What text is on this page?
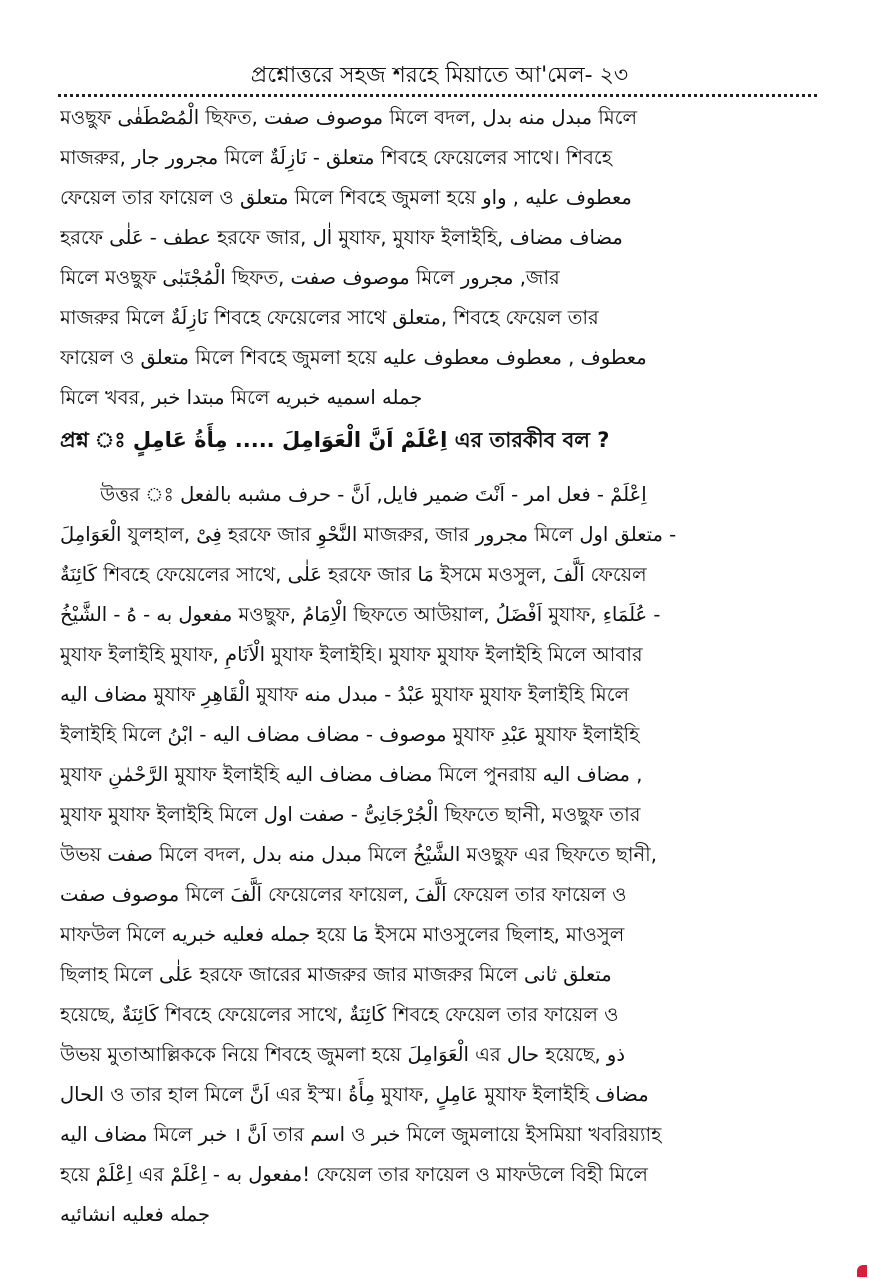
প্রশ্নোত্তরে সহজ শরহে মিয়াতে আ'মেল- ২৩
মওছুফ الْمُصْطَفٰى ছিফত, موصوف صفت মিলে বদল, مبدل منه بدل মিলে
মাজরুর, مجرور جار মিলে متعلق - نَازِلَةٌ শিবহে ফেয়েলের সাথে। শিবহে
ফেয়েল তার ফায়েল ও متعلق মিলে শিবহে জুমলা হয়ে معطوف عليه , واو
হরফে عطف - عَلٰى হরফে জার, اٰل মুযাফ, মুযাফ ইলাইহি, مضاف مضاف
মিলে মওছুফ الْمُجْتَبٰى ছিফত, موصوف صفت মিলে مجرور ,জার
মাজরুর মিলে نَازِلَةٌ শিবহে ফেয়েলের সাথে متعلق, শিবহে ফেয়েল তার
ফায়েল ও متعلق মিলে শিবহে জুমলা হয়ে معطوف , معطوف معطوف عليه
মিলে খবর, مبتدا خبر মিলে جمله اسميه خبريه
প্রশ্ন ঃ اِعْلَمْ اَنَّ الْعَوَامِلَ ..... مِأَةُ عَامِلٍ এর তারকীব বল ?
উত্তর ঃ اِعْلَمْ - فعل امر - اَنْتَ ضمير فايل, اَنَّ - حرف مشبه بالفعل
الْعَوَامِلَ যুলহাল, فِىْ হরফে জার النَّحْوِ মাজরুর, জার مجرور মিলে متعلق اول -
كَائِنَةٌ শিবহে ফেয়েলের সাথে, عَلٰى হরফে জার مَا ইসমে মওসুল, اَلَّفَ ফেয়েল
مفعول به - هُ - الشَّيْخُ মওছুফ, الْاِمَامُ ছিফতে আউয়াল, اَفْضَلُ মুযাফ, عُلَمَاءِ -
মুযাফ ইলাইহি মুযাফ, الْاَنَامِ মুযাফ ইলাইহি। মুযাফ মুযাফ ইলাইহি মিলে আবার
مضاف اليه মুযাফ الْقَاهِرِ মুযাফ عَبْدُ - مبدل منه মুযাফ মুযাফ ইলাইহি মিলে
ইলাইহি মিলে موصوف - مضاف مضاف اليه - ابْنُ মুযাফ عَبْدِ মুযাফ ইলাইহি
মুযাফ الرَّحْمٰنِ মুযাফ ইলাইহি مضاف مضاف اليه মিলে পুনরায় مضاف اليه ,
মুযাফ মুযাফ ইলাইহি মিলে الْجُرْجَانِىُّ - صفت اول ছিফতে ছানী, মওছুফ তার
উভয় صفت মিলে বদল, مبدل منه بدل মিলে الشَّيْخُ মওছুফ এর ছিফতে ছানী,
موصوف صفت মিলে اَلَّفَ ফেয়েলের ফায়েল, اَلَّفَ ফেয়েল তার ফায়েল ও
মাফউল মিলে جمله فعليه خبريه হয়ে مَا ইসমে মাওসুলের ছিলাহ, মাওসুল
ছিলাহ মিলে عَلٰى হরফে জারের মাজরুর জার মাজরুর মিলে متعلق ثانى
হয়েছে, كَائِنَةٌ শিবহে ফেয়েলের সাথে, كَائِنَةٌ শিবহে ফেয়েল তার ফায়েল ও
উভয় মুতাআল্লিককে নিয়ে শিবহে জুমলা হয়ে الْعَوَامِلَ এর حال হয়েছে, ذو
الحال ও তার হাল মিলে اَنَّ এর ইস্ম। مِأَةُ মুযাফ, عَامِلٍ মুযাফ ইলাইহি مضاف
مضاف اليه মিলে خبر । اَنَّ তার اسم ও خبر মিলে জুমলায়ে ইসমিয়া খবরিয়্যাহ
হয়ে اِعْلَمْ এর مفعول به - اِعْلَمْ! ফেয়েল তার ফায়েল ও মাফউলে বিহী মিলে
جمله فعليه انشائيه
